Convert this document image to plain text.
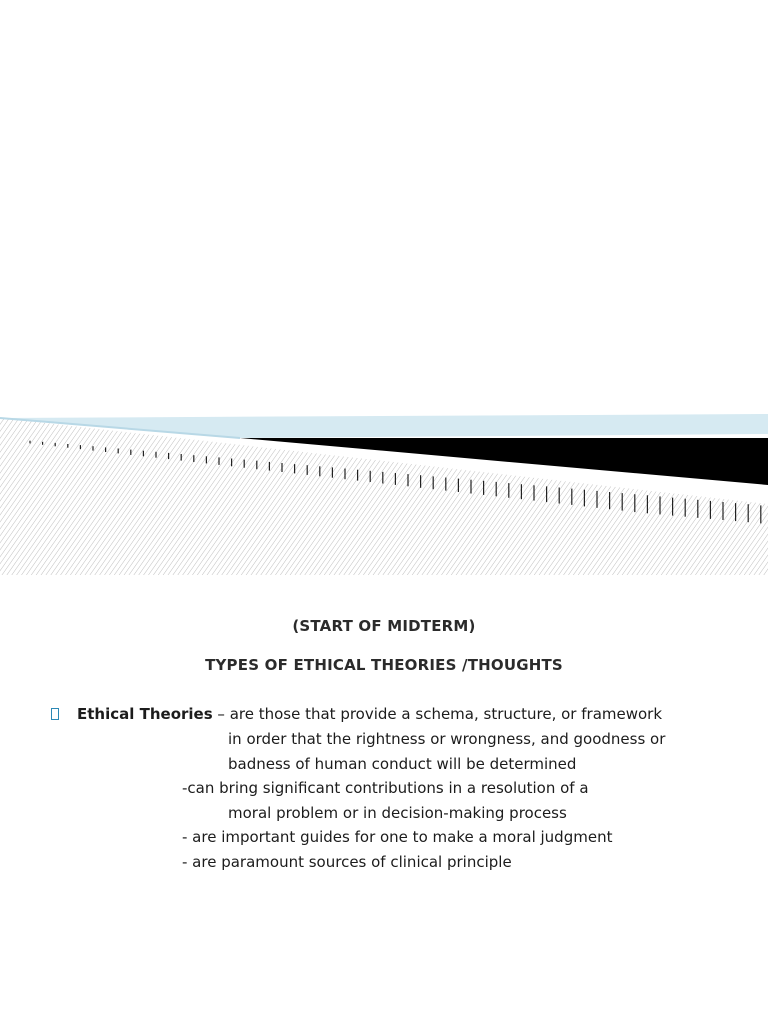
(START OF MIDTERM)
TYPES OF ETHICAL THEORIES /THOUGHTS
Ethical Theories – are those that provide a schema, structure, or framework
in order that the rightness or wrongness, and goodness or
badness of human conduct will be determined
-can bring significant contributions in a resolution of a
moral problem or in decision-making process
- are important guides for one to make a moral judgment
- are paramount sources of clinical principle
